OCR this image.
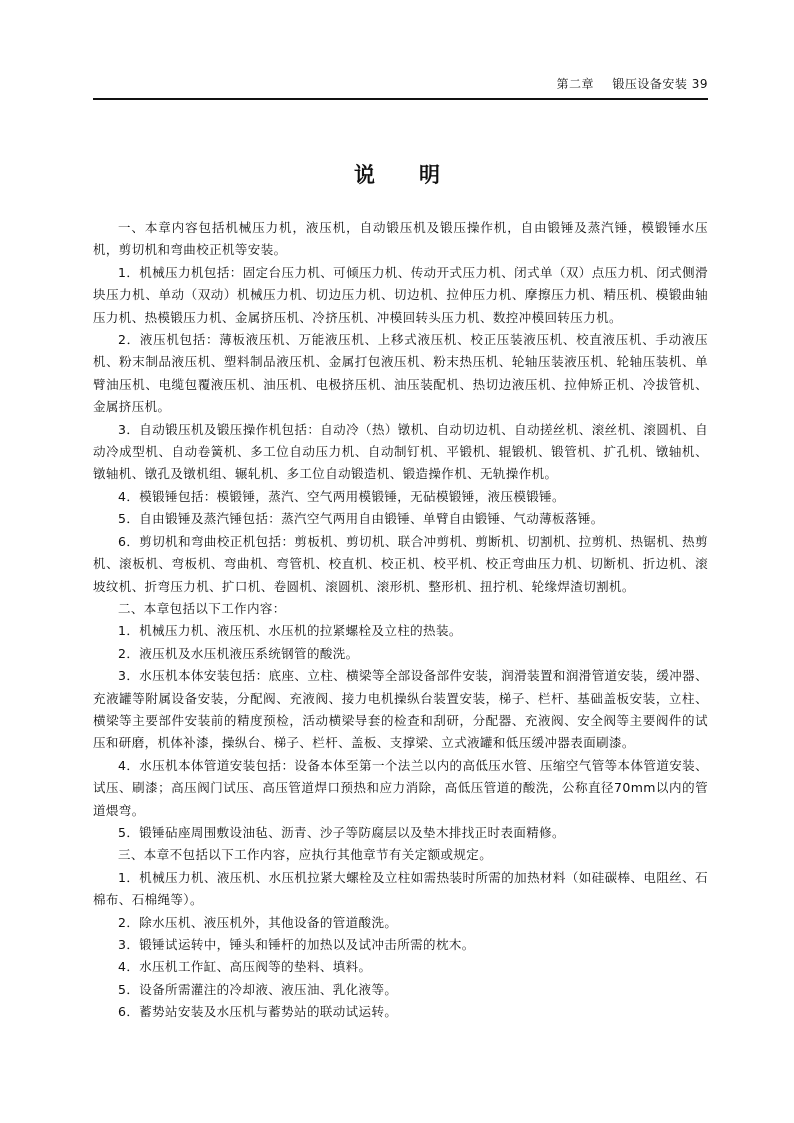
第二章 锻压设备安装 39
说明

一、本章内容包括机械压力机，液压机，自动锻压机及锻压操作机，自由锻锤及蒸汽锤，模锻锤水压机，剪切机和弯曲校正机等安装。

1．机械压力机包括：固定台压力机、可倾压力机、传动开式压力机、闭式单（双）点压力机、闭式侧滑块压力机、单动（双动）机械压力机、切边压力机、切边机、拉伸压力机、摩擦压力机、精压机、模锻曲轴压力机、热模锻压力机、金属挤压机、冷挤压机、冲模回转头压力机、数控冲模回转压力机。

2．液压机包括：薄板液压机、万能液压机、上移式液压机、校正压装液压机、校直液压机、手动液压机、粉末制品液压机、塑料制品液压机、金属打包液压机、粉末热压机、轮轴压装液压机、轮轴压装机、单臂油压机、电缆包覆液压机、油压机、电极挤压机、油压装配机、热切边液压机、拉伸矫正机、冷拔管机、金属挤压机。

3．自动锻压机及锻压操作机包括：自动冷（热）镦机、自动切边机、自动搓丝机、滚丝机、滚圆机、自动冷成型机、自动卷簧机、多工位自动压力机、自动制钉机、平锻机、辊锻机、锻管机、扩孔机、镦轴机、镦轴机、镦孔及镦机组、辗轧机、多工位自动锻造机、锻造操作机、无轨操作机。

4．模锻锤包括：模锻锤，蒸汽、空气两用模锻锤，无砧模锻锤，液压模锻锤。

5．自由锻锤及蒸汽锤包括：蒸汽空气两用自由锻锤、单臂自由锻锤、气动薄板落锤。

6．剪切机和弯曲校正机包括：剪板机、剪切机、联合冲剪机、剪断机、切割机、拉剪机、热锯机、热剪机、滚板机、弯板机、弯曲机、弯管机、校直机、校正机、校平机、校正弯曲压力机、切断机、折边机、滚坡纹机、折弯压力机、扩口机、卷圆机、滚圆机、滚形机、整形机、扭拧机、轮缘焊渣切割机。

二、本章包括以下工作内容：

1．机械压力机、液压机、水压机的拉紧螺栓及立柱的热装。

2．液压机及水压机液压系统钢管的酸洗。

3．水压机本体安装包括：底座、立柱、横梁等全部设备部件安装，润滑装置和润滑管道安装，缓冲器、充液罐等附属设备安装，分配阀、充液阀、接力电机操纵台装置安装，梯子、栏杆、基础盖板安装，立柱、横梁等主要部件安装前的精度预检，活动横梁导套的检查和刮研，分配器、充液阀、安全阀等主要阀件的试压和研磨，机体补漆，操纵台、梯子、栏杆、盖板、支撑梁、立式液罐和低压缓冲器表面刷漆。

4．水压机本体管道安装包括：设备本体至第一个法兰以内的高低压水管、压缩空气管等本体管道安装、试压、刷漆；高压阀门试压、高压管道焊口预热和应力消除，高低压管道的酸洗，公称直径70mm以内的管道煨弯。

5．锻锤砧座周围敷设油毡、沥青、沙子等防腐层以及垫木排找正时表面精修。

三、本章不包括以下工作内容，应执行其他章节有关定额或规定。

1．机械压力机、液压机、水压机拉紧大螺栓及立柱如需热装时所需的加热材料（如硅碳棒、电阻丝、石棉布、石棉绳等）。

2．除水压机、液压机外，其他设备的管道酸洗。

3．锻锤试运转中，锤头和锤杆的加热以及试冲击所需的枕木。

4．水压机工作缸、高压阀等的垫料、填料。

5．设备所需灌注的冷却液、液压油、乳化液等。

6．蓄势站安装及水压机与蓄势站的联动试运转。
